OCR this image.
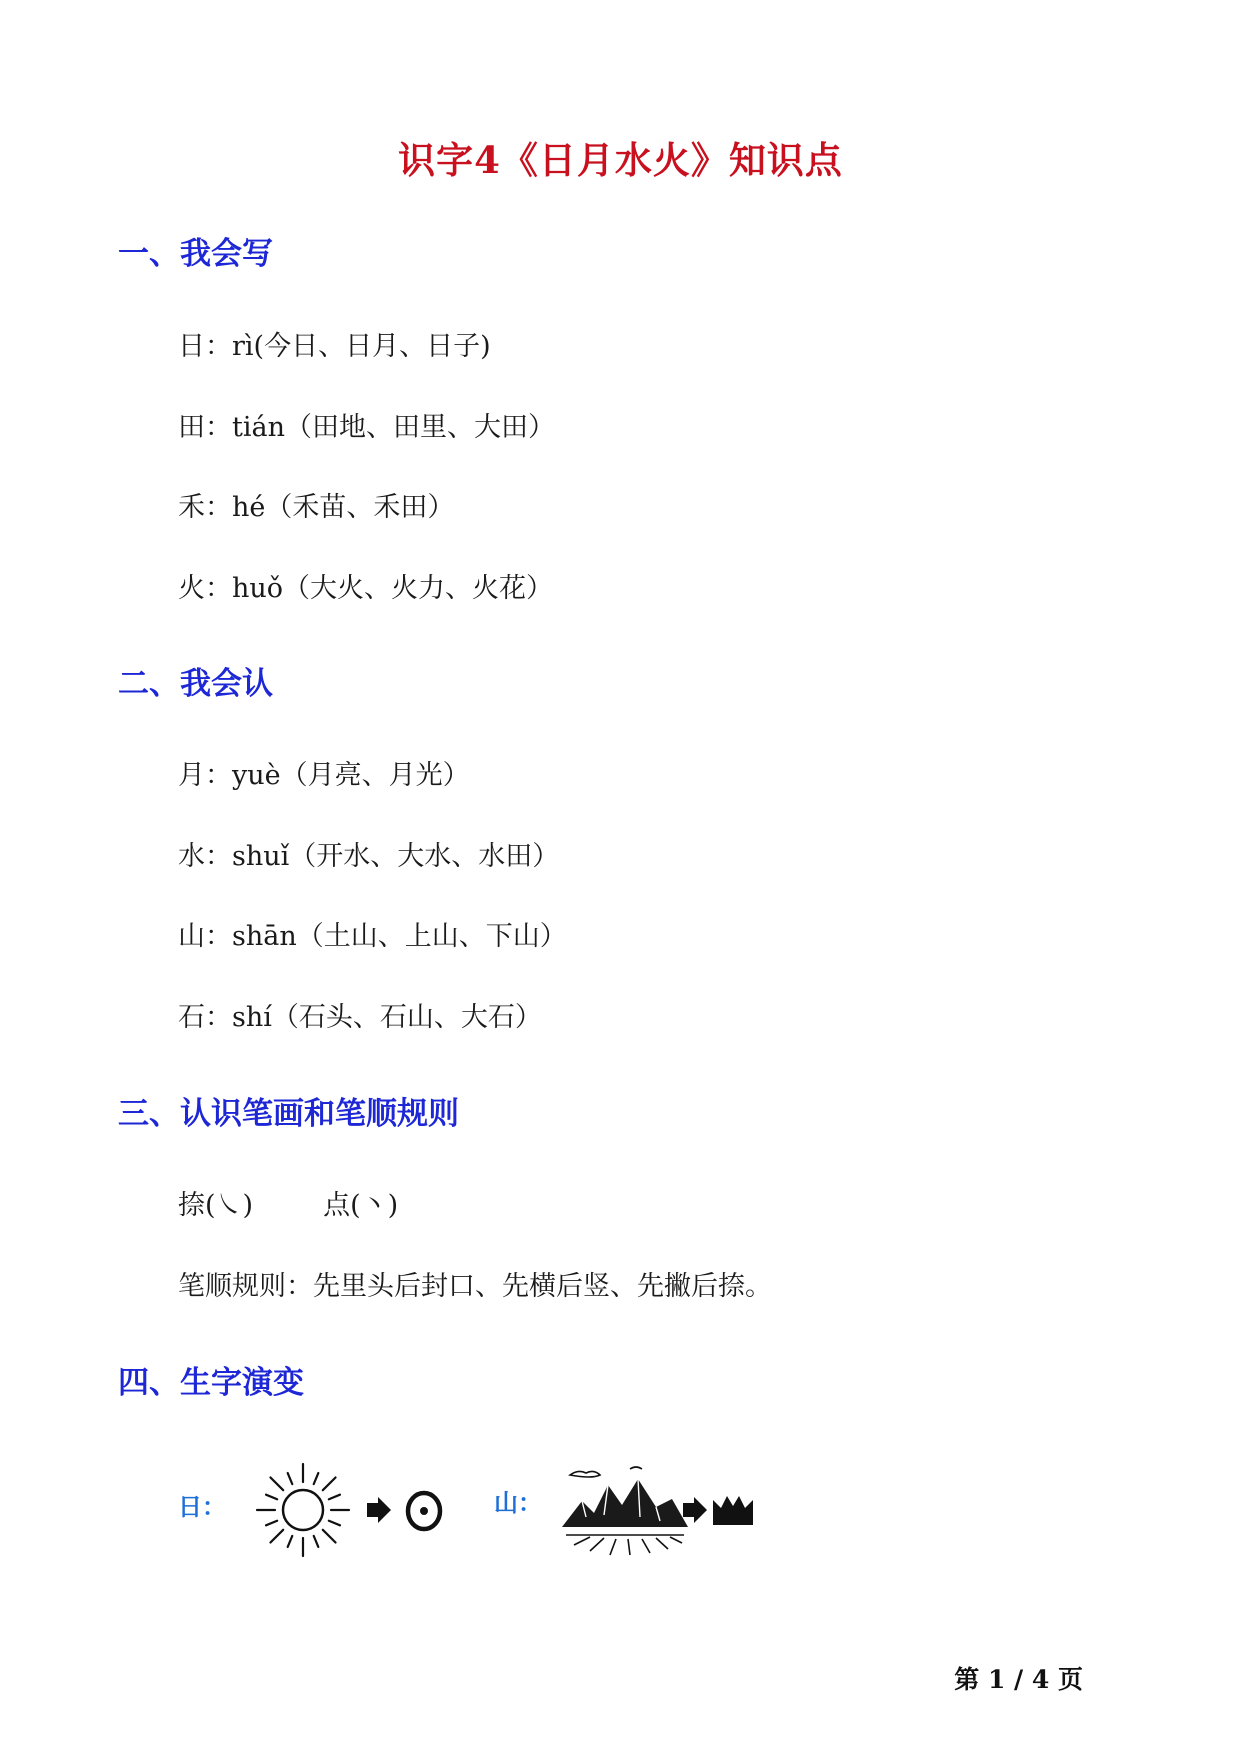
识字4《日月水火》知识点
一、我会写
日：rì(今日、日月、日子)
田：tián（田地、田里、大田）
禾：hé（禾苗、禾田）
火：huǒ（大火、火力、火花）
二、我会认
月：yuè（月亮、月光）
水：shuǐ（开水、大水、水田）
山：shān（土山、上山、下山）
石：shí（石头、石山、大石）
三、认识笔画和笔顺规则
捺(㇏)	点(丶)
笔顺规则：先里头后封口、先横后竖、先撇后捺。
四、生字演变
日：	山：
第 1 / 4 页
